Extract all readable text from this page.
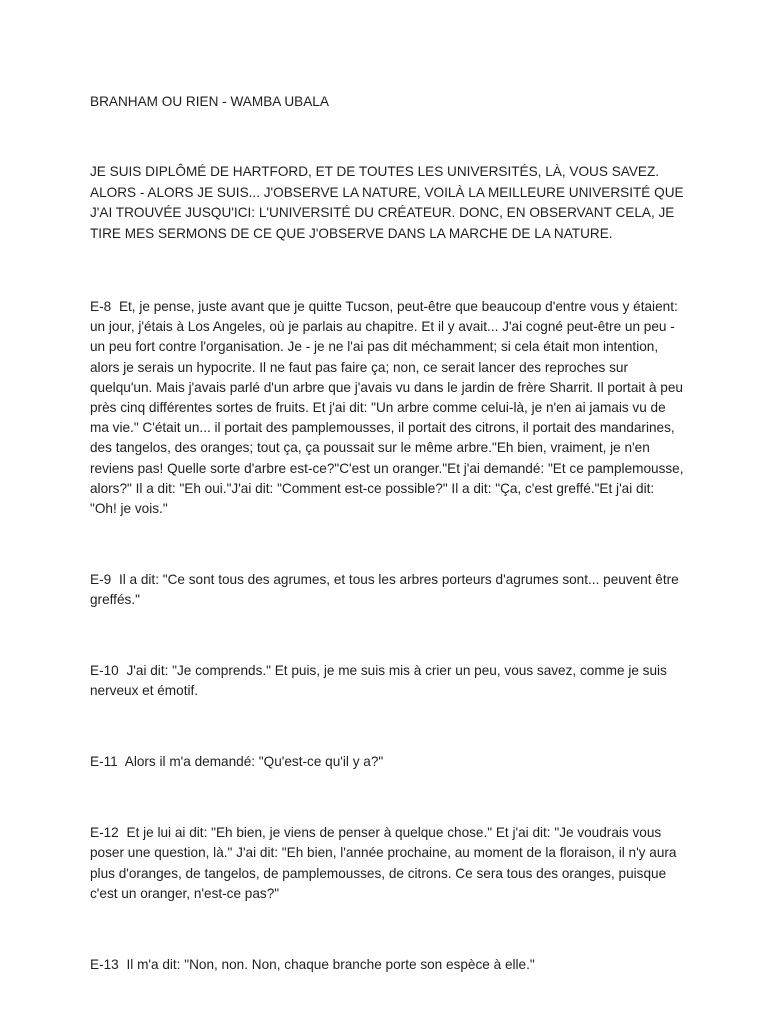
BRANHAM OU RIEN - WAMBA UBALA

JE SUIS DIPLÔMÉ DE HARTFORD, ET DE TOUTES LES UNIVERSITÉS, LÀ, VOUS SAVEZ. ALORS - ALORS JE SUIS... J'OBSERVE LA NATURE, VOILÀ LA MEILLEURE UNIVERSITÉ QUE J'AI TROUVÉE JUSQU'ICI: L'UNIVERSITÉ DU CRÉATEUR. DONC, EN OBSERVANT CELA, JE TIRE MES SERMONS DE CE QUE J'OBSERVE DANS LA MARCHE DE LA NATURE.

E-8 Et, je pense, juste avant que je quitte Tucson, peut-être que beaucoup d'entre vous y étaient: un jour, j'étais à Los Angeles, où je parlais au chapitre. Et il y avait... J'ai cogné peut-être un peu - un peu fort contre l'organisation. Je - je ne l'ai pas dit méchamment; si cela était mon intention, alors je serais un hypocrite. Il ne faut pas faire ça; non, ce serait lancer des reproches sur quelqu'un. Mais j'avais parlé d'un arbre que j'avais vu dans le jardin de frère Sharrit. Il portait à peu près cinq différentes sortes de fruits. Et j'ai dit: "Un arbre comme celui-là, je n'en ai jamais vu de ma vie." C'était un... il portait des pamplemousses, il portait des citrons, il portait des mandarines, des tangelos, des oranges; tout ça, ça poussait sur le même arbre."Eh bien, vraiment, je n'en reviens pas! Quelle sorte d'arbre est-ce?"C'est un oranger."Et j'ai demandé: "Et ce pamplemousse, alors?" Il a dit: "Eh oui."J'ai dit: "Comment est-ce possible?" Il a dit: "Ça, c'est greffé."Et j'ai dit: "Oh! je vois."

E-9 Il a dit: "Ce sont tous des agrumes, et tous les arbres porteurs d'agrumes sont... peuvent être greffés."

E-10 J'ai dit: "Je comprends." Et puis, je me suis mis à crier un peu, vous savez, comme je suis nerveux et émotif.

E-11 Alors il m'a demandé: "Qu'est-ce qu'il y a?"

E-12 Et je lui ai dit: "Eh bien, je viens de penser à quelque chose." Et j'ai dit: "Je voudrais vous poser une question, là." J'ai dit: "Eh bien, l'année prochaine, au moment de la floraison, il n'y aura plus d'oranges, de tangelos, de pamplemousses, de citrons. Ce sera tous des oranges, puisque c'est un oranger, n'est-ce pas?"

E-13 Il m'a dit: "Non, non. Non, chaque branche porte son espèce à elle."
